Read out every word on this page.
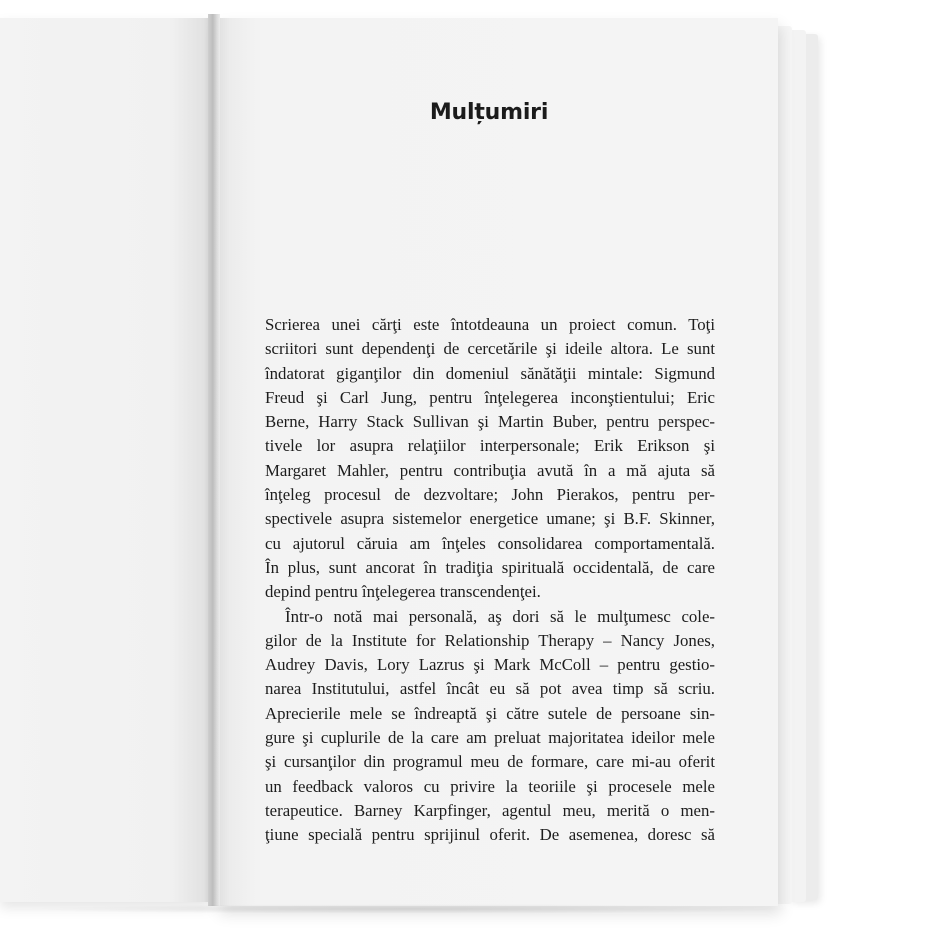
Mulțumiri
Scrierea unei cărţi este întotdeauna un proiect comun. Toţi
scriitori sunt dependenţi de cercetările şi ideile altora. Le sunt
îndatorat giganţilor din domeniul sănătăţii mintale: Sigmund
Freud şi Carl Jung, pentru înţelegerea inconştientului; Eric
Berne, Harry Stack Sullivan şi Martin Buber, pentru perspec-
tivele lor asupra relaţiilor interpersonale; Erik Erikson şi
Margaret Mahler, pentru contribuţia avută în a mă ajuta să
înţeleg procesul de dezvoltare; John Pierakos, pentru per-
spectivele asupra sistemelor energetice umane; şi B.F. Skinner,
cu ajutorul căruia am înţeles consolidarea comportamentală.
În plus, sunt ancorat în tradiţia spirituală occidentală, de care
depind pentru înţelegerea transcendenţei.
Într-o notă mai personală, aş dori să le mulţumesc cole-
gilor de la Institute for Relationship Therapy – Nancy Jones,
Audrey Davis, Lory Lazrus şi Mark McColl – pentru gestio-
narea Institutului, astfel încât eu să pot avea timp să scriu.
Aprecierile mele se îndreaptă şi către sutele de persoane sin-
gure şi cuplurile de la care am preluat majoritatea ideilor mele
şi cursanţilor din programul meu de formare, care mi-au oferit
un feedback valoros cu privire la teoriile şi procesele mele
terapeutice. Barney Karpfinger, agentul meu, merită o men-
ţiune specială pentru sprijinul oferit. De asemenea, doresc să
